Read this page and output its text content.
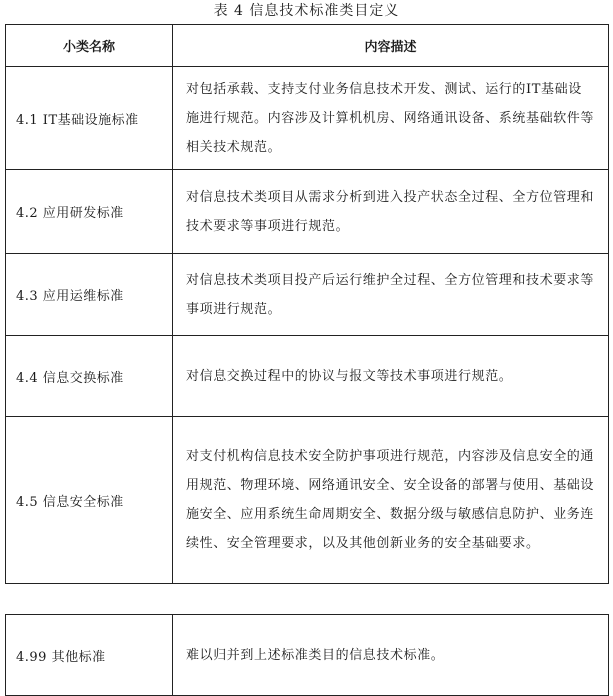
表 4 信息技术标准类目定义
小类名称	内容描述
4.1 IT基础设施标准	对包括承载、支持支付业务信息技术开发、测试、运行的IT基础设施进行规范。内容涉及计算机机房、网络通讯设备、系统基础软件等相关技术规范。
4.2 应用研发标准	对信息技术类项目从需求分析到进入投产状态全过程、全方位管理和技术要求等事项进行规范。
4.3 应用运维标准	对信息技术类项目投产后运行维护全过程、全方位管理和技术要求等事项进行规范。
4.4 信息交换标准	对信息交换过程中的协议与报文等技术事项进行规范。
4.5 信息安全标准	对支付机构信息技术安全防护事项进行规范，内容涉及信息安全的通用规范、物理环境、网络通讯安全、安全设备的部署与使用、基础设施安全、应用系统生命周期安全、数据分级与敏感信息防护、业务连续性、安全管理要求，以及其他创新业务的安全基础要求。
4.99 其他标准	难以归并到上述标准类目的信息技术标准。
